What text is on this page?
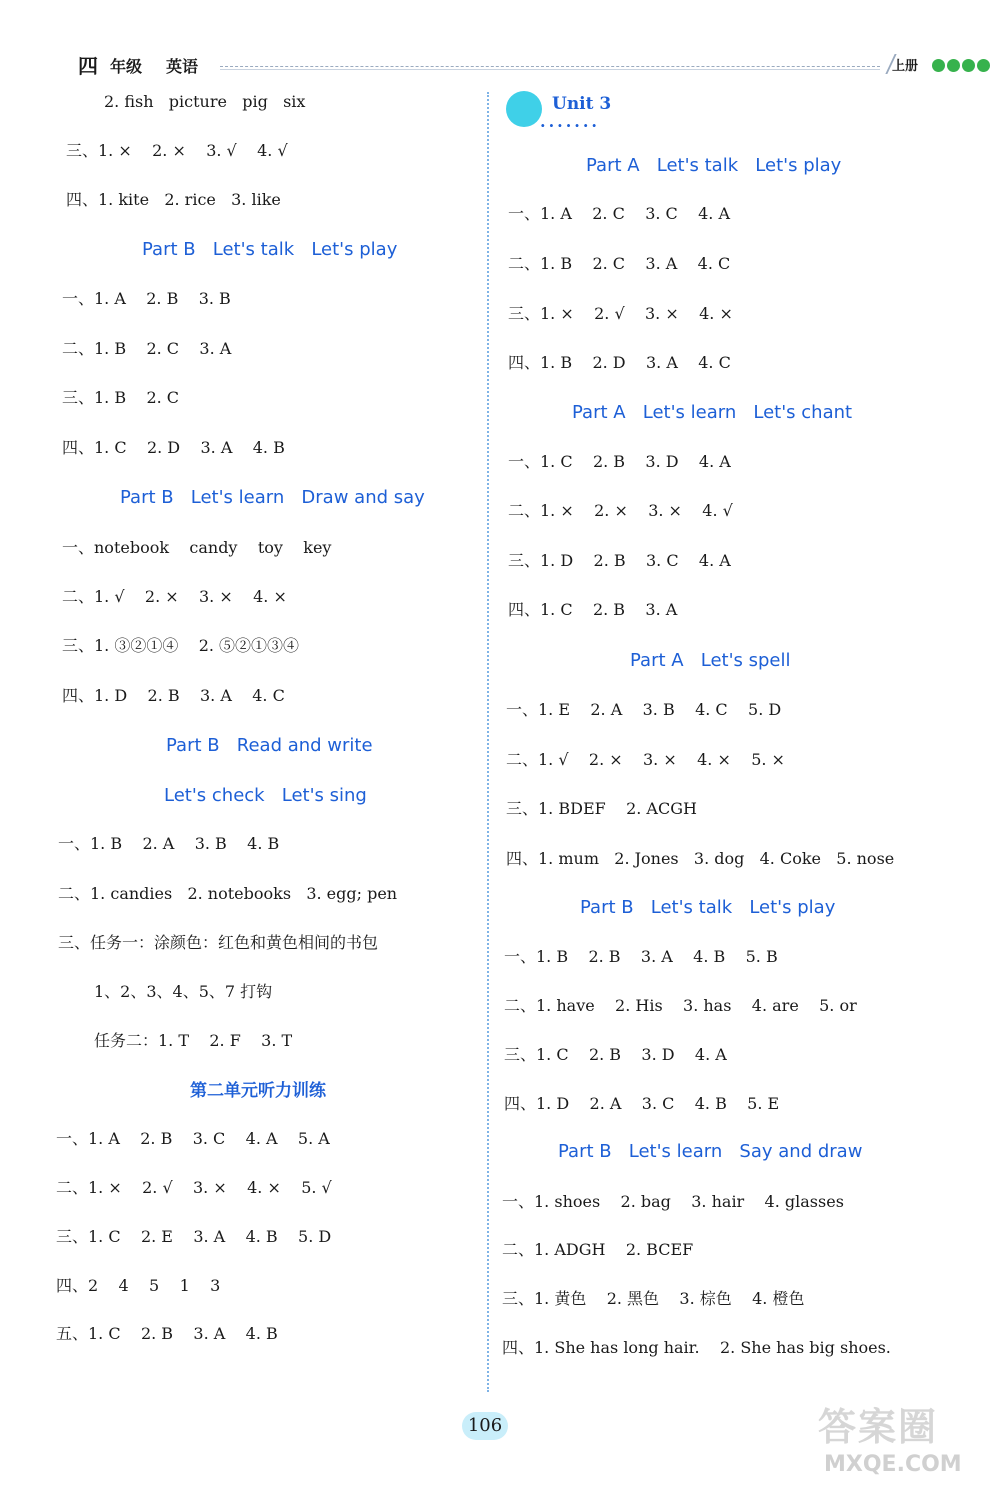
四 年级 英语	上册
2. fish   picture   pig   six
三、1. ×    2. ×    3. √    4. √
四、1. kite   2. rice   3. like
Part B   Let's talk   Let's play
一、1. A    2. B    3. B
二、1. B    2. C    3. A
三、1. B    2. C
四、1. C    2. D    3. A    4. B
Part B   Let's learn   Draw and say
一、notebook    candy    toy    key
二、1. √    2. ×    3. ×    4. ×
三、1. ③②①④    2. ⑤②①③④
四、1. D    2. B    3. A    4. C
Part B   Read and write
Let's check   Let's sing
一、1. B    2. A    3. B    4. B
二、1. candies   2. notebooks   3. egg; pen
三、任务一：涂颜色：红色和黄色相间的书包
1、2、3、4、5、7 打钩
任务二：1. T    2. F    3. T
第二单元听力训练
一、1. A    2. B    3. C    4. A    5. A
二、1. ×    2. √    3. ×    4. ×    5. √
三、1. C    2. E    3. A    4. B    5. D
四、2    4    5    1    3
五、1. C    2. B    3. A    4. B
Unit 3
·······
Part A   Let's talk   Let's play
一、1. A    2. C    3. C    4. A
二、1. B    2. C    3. A    4. C
三、1. ×    2. √    3. ×    4. ×
四、1. B    2. D    3. A    4. C
Part A   Let's learn   Let's chant
一、1. C    2. B    3. D    4. A
二、1. ×    2. ×    3. ×    4. √
三、1. D    2. B    3. C    4. A
四、1. C    2. B    3. A
Part A   Let's spell
一、1. E    2. A    3. B    4. C    5. D
二、1. √    2. ×    3. ×    4. ×    5. ×
三、1. BDEF    2. ACGH
四、1. mum   2. Jones   3. dog   4. Coke   5. nose
Part B   Let's talk   Let's play
一、1. B    2. B    3. A    4. B    5. B
二、1. have    2. His    3. has    4. are    5. or
三、1. C    2. B    3. D    4. A
四、1. D    2. A    3. C    4. B    5. E
Part B   Let's learn   Say and draw
一、1. shoes    2. bag    3. hair    4. glasses
二、1. ADGH    2. BCEF
三、1. 黄色    2. 黑色    3. 棕色    4. 橙色
四、1. She has long hair.    2. She has big shoes.
106	答案圈
MXQE.COM
